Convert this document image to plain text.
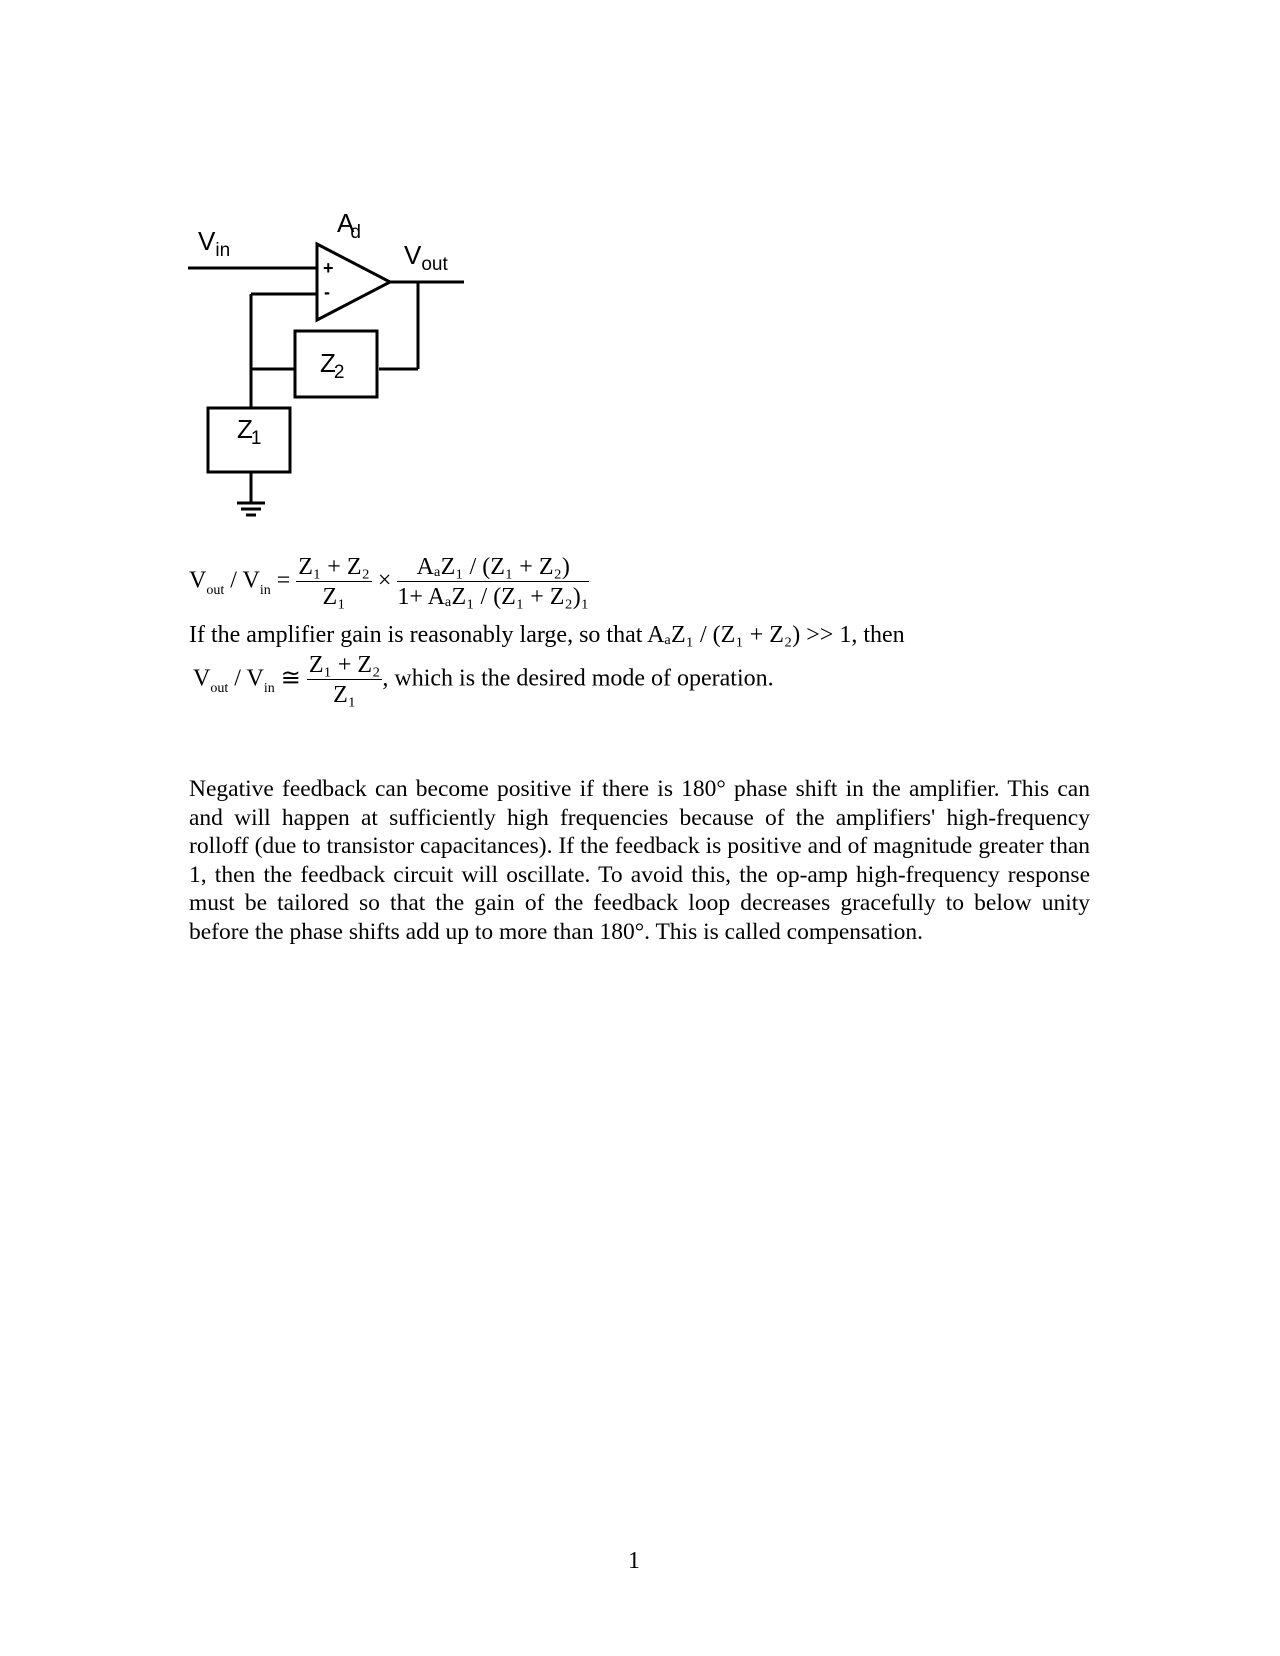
+
-
$V_{in}$
Ad
$V_{out}$
Z2
Z1
$V_{out} / V_{in} = \frac{\text{Z₁ + Z₂}}{\text{Z₁}} \times \frac{\text{AₐZ₁ / (Z₁ + Z₂)}}{\text{1+ AₐZ₁ / (Z₁ + Z₂)₁}}$
If the amplifier gain is reasonably large, so that AₐZ₁ / (Z₁ + Z₂) >> 1, then
$V_{out} / V_{in}$ ≅ $\frac{\text{Z₁ + Z₂}}{\text{Z₁}}$ , which is the desired mode of operation.

Negative feedback can become positive if there is 180° phase shift in the amplifier. This can and will happen at sufficiently high frequencies because of the amplifiers' high-frequency rolloff (due to transistor capacitances). If the feedback is positive and of magnitude greater than 1, then the feedback circuit will oscillate. To avoid this, the op-amp high-frequency response must be tailored so that the gain of the feedback loop decreases gracefully to below unity before the phase shifts add up to more than 180°. This is called compensation.

1
